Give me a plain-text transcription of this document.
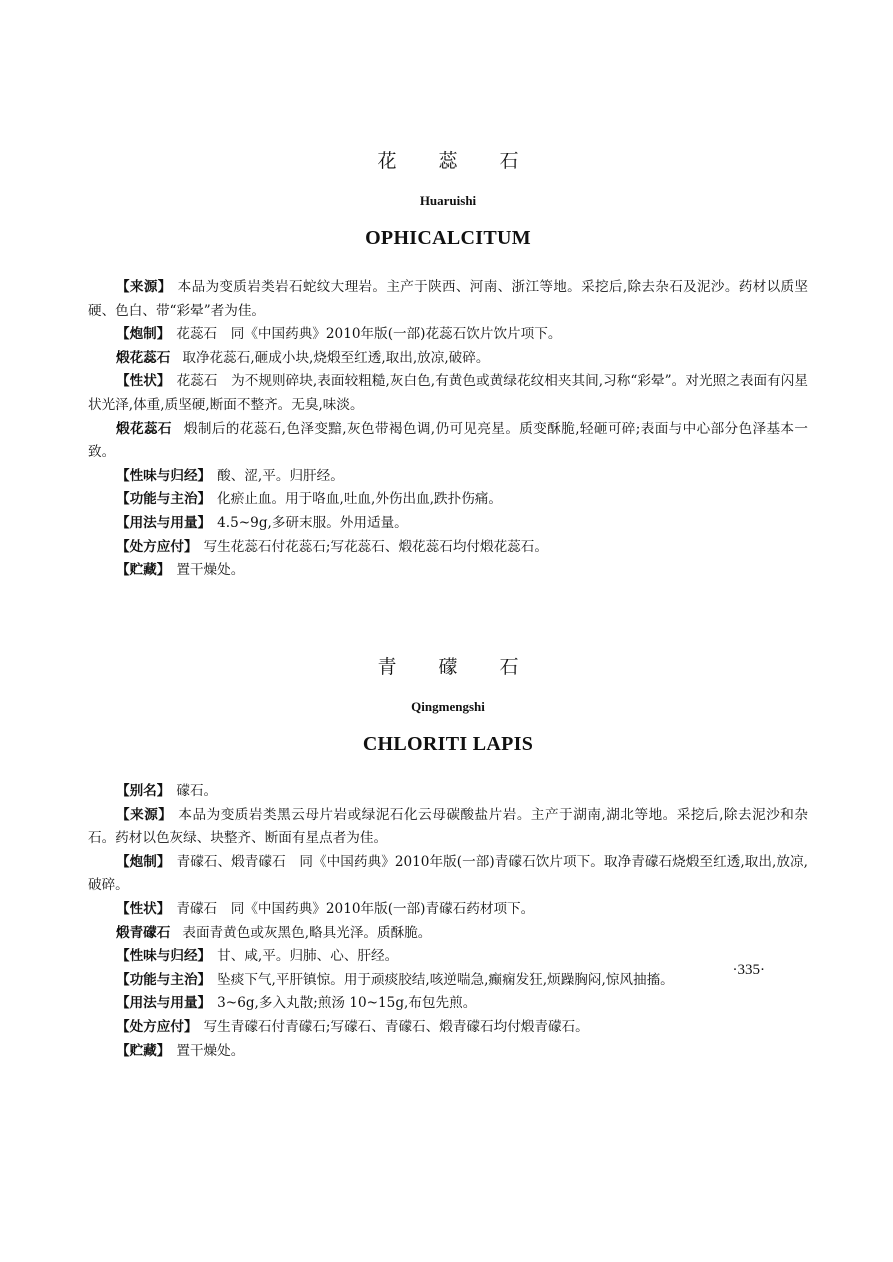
花 蕊 石
Huaruishi
OPHICALCITUM

【来源】 本品为变质岩类岩石蛇纹大理岩。主产于陕西、河南、浙江等地。采挖后,除去杂石及泥沙。药材以质坚硬、色白、带“彩晕”者为佳。

【炮制】 花蕊石　同《中国药典》2010年版(一部)花蕊石饮片饮片项下。

煅花蕊石 取净花蕊石,砸成小块,烧煅至红透,取出,放凉,破碎。

【性状】 花蕊石　为不规则碎块,表面较粗糙,灰白色,有黄色或黄绿花纹相夹其间,习称“彩晕”。对光照之表面有闪星状光泽,体重,质坚硬,断面不整齐。无臭,味淡。

煅花蕊石 煅制后的花蕊石,色泽变黯,灰色带褐色调,仍可见亮星。质变酥脆,轻砸可碎;表面与中心部分色泽基本一致。

【性味与归经】 酸、涩,平。归肝经。

【功能与主治】 化瘀止血。用于咯血,吐血,外伤出血,跌扑伤痛。

【用法与用量】 4.5~9g,多研末服。外用适量。

【处方应付】 写生花蕊石付花蕊石;写花蕊石、煅花蕊石均付煅花蕊石。

【贮藏】 置干燥处。

青 礞 石
Qingmengshi
CHLORITI LAPIS

【别名】 礞石。

【来源】 本品为变质岩类黑云母片岩或绿泥石化云母碳酸盐片岩。主产于湖南,湖北等地。采挖后,除去泥沙和杂石。药材以色灰绿、块整齐、断面有星点者为佳。

【炮制】 青礞石、煅青礞石　同《中国药典》2010年版(一部)青礞石饮片项下。取净青礞石烧煅至红透,取出,放凉,破碎。

【性状】 青礞石　同《中国药典》2010年版(一部)青礞石药材项下。

煅青礞石 表面青黄色或灰黑色,略具光泽。质酥脆。

【性味与归经】 甘、咸,平。归肺、心、肝经。

【功能与主治】 坠痰下气,平肝镇惊。用于顽痰胶结,咳逆喘急,癫痫发狂,烦躁胸闷,惊风抽搐。

【用法与用量】 3~6g,多入丸散;煎汤 10~15g,布包先煎。

【处方应付】 写生青礞石付青礞石;写礞石、青礞石、煅青礞石均付煅青礞石。

【贮藏】 置干燥处。

·335·
